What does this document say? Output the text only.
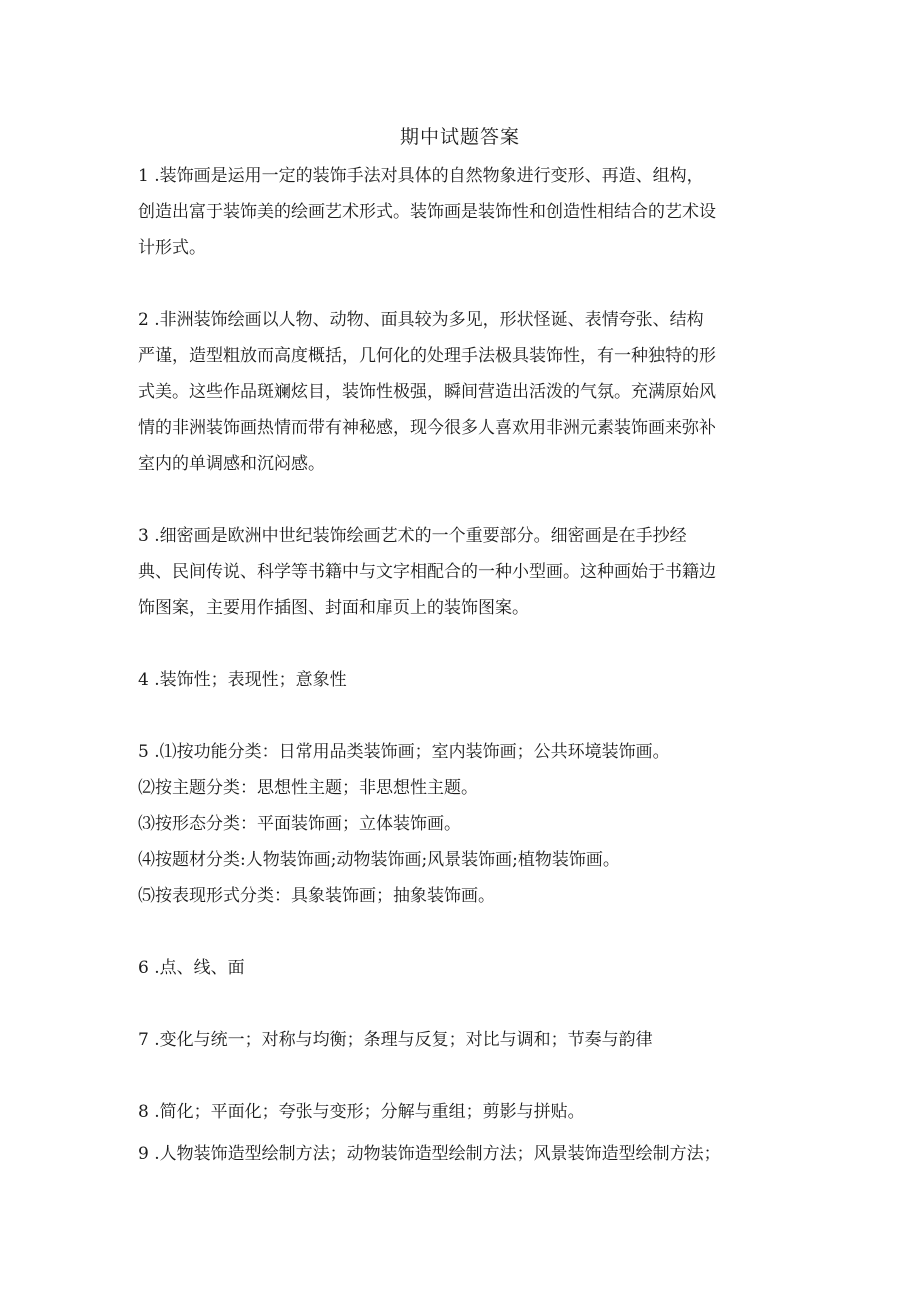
期中试题答案
1 .装饰画是运用一定的装饰手法对具体的自然物象进行变形、再造、组构，
创造出富于装饰美的绘画艺术形式。装饰画是装饰性和创造性相结合的艺术设
计形式。
2 .非洲装饰绘画以人物、动物、面具较为多见，形状怪诞、表情夸张、结构
严谨，造型粗放而高度概括，几何化的处理手法极具装饰性，有一种独特的形
式美。这些作品斑斓炫目，装饰性极强，瞬间营造出活泼的气氛。充满原始风
情的非洲装饰画热情而带有神秘感，现今很多人喜欢用非洲元素装饰画来弥补
室内的单调感和沉闷感。
3 .细密画是欧洲中世纪装饰绘画艺术的一个重要部分。细密画是在手抄经
典、民间传说、科学等书籍中与文字相配合的一种小型画。这种画始于书籍边
饰图案，主要用作插图、封面和扉页上的装饰图案。
4 .装饰性；表现性；意象性
5 .⑴按功能分类：日常用品类装饰画；室内装饰画；公共环境装饰画。
⑵按主题分类：思想性主题；非思想性主题。
⑶按形态分类：平面装饰画；立体装饰画。
⑷按题材分类:人物装饰画;动物装饰画;风景装饰画;植物装饰画。
⑸按表现形式分类：具象装饰画；抽象装饰画。
6 .点、线、面
7 .变化与统一；对称与均衡；条理与反复；对比与调和；节奏与韵律
8 .简化；平面化；夸张与变形；分解与重组；剪影与拼贴。
9 .人物装饰造型绘制方法；动物装饰造型绘制方法；风景装饰造型绘制方法；
